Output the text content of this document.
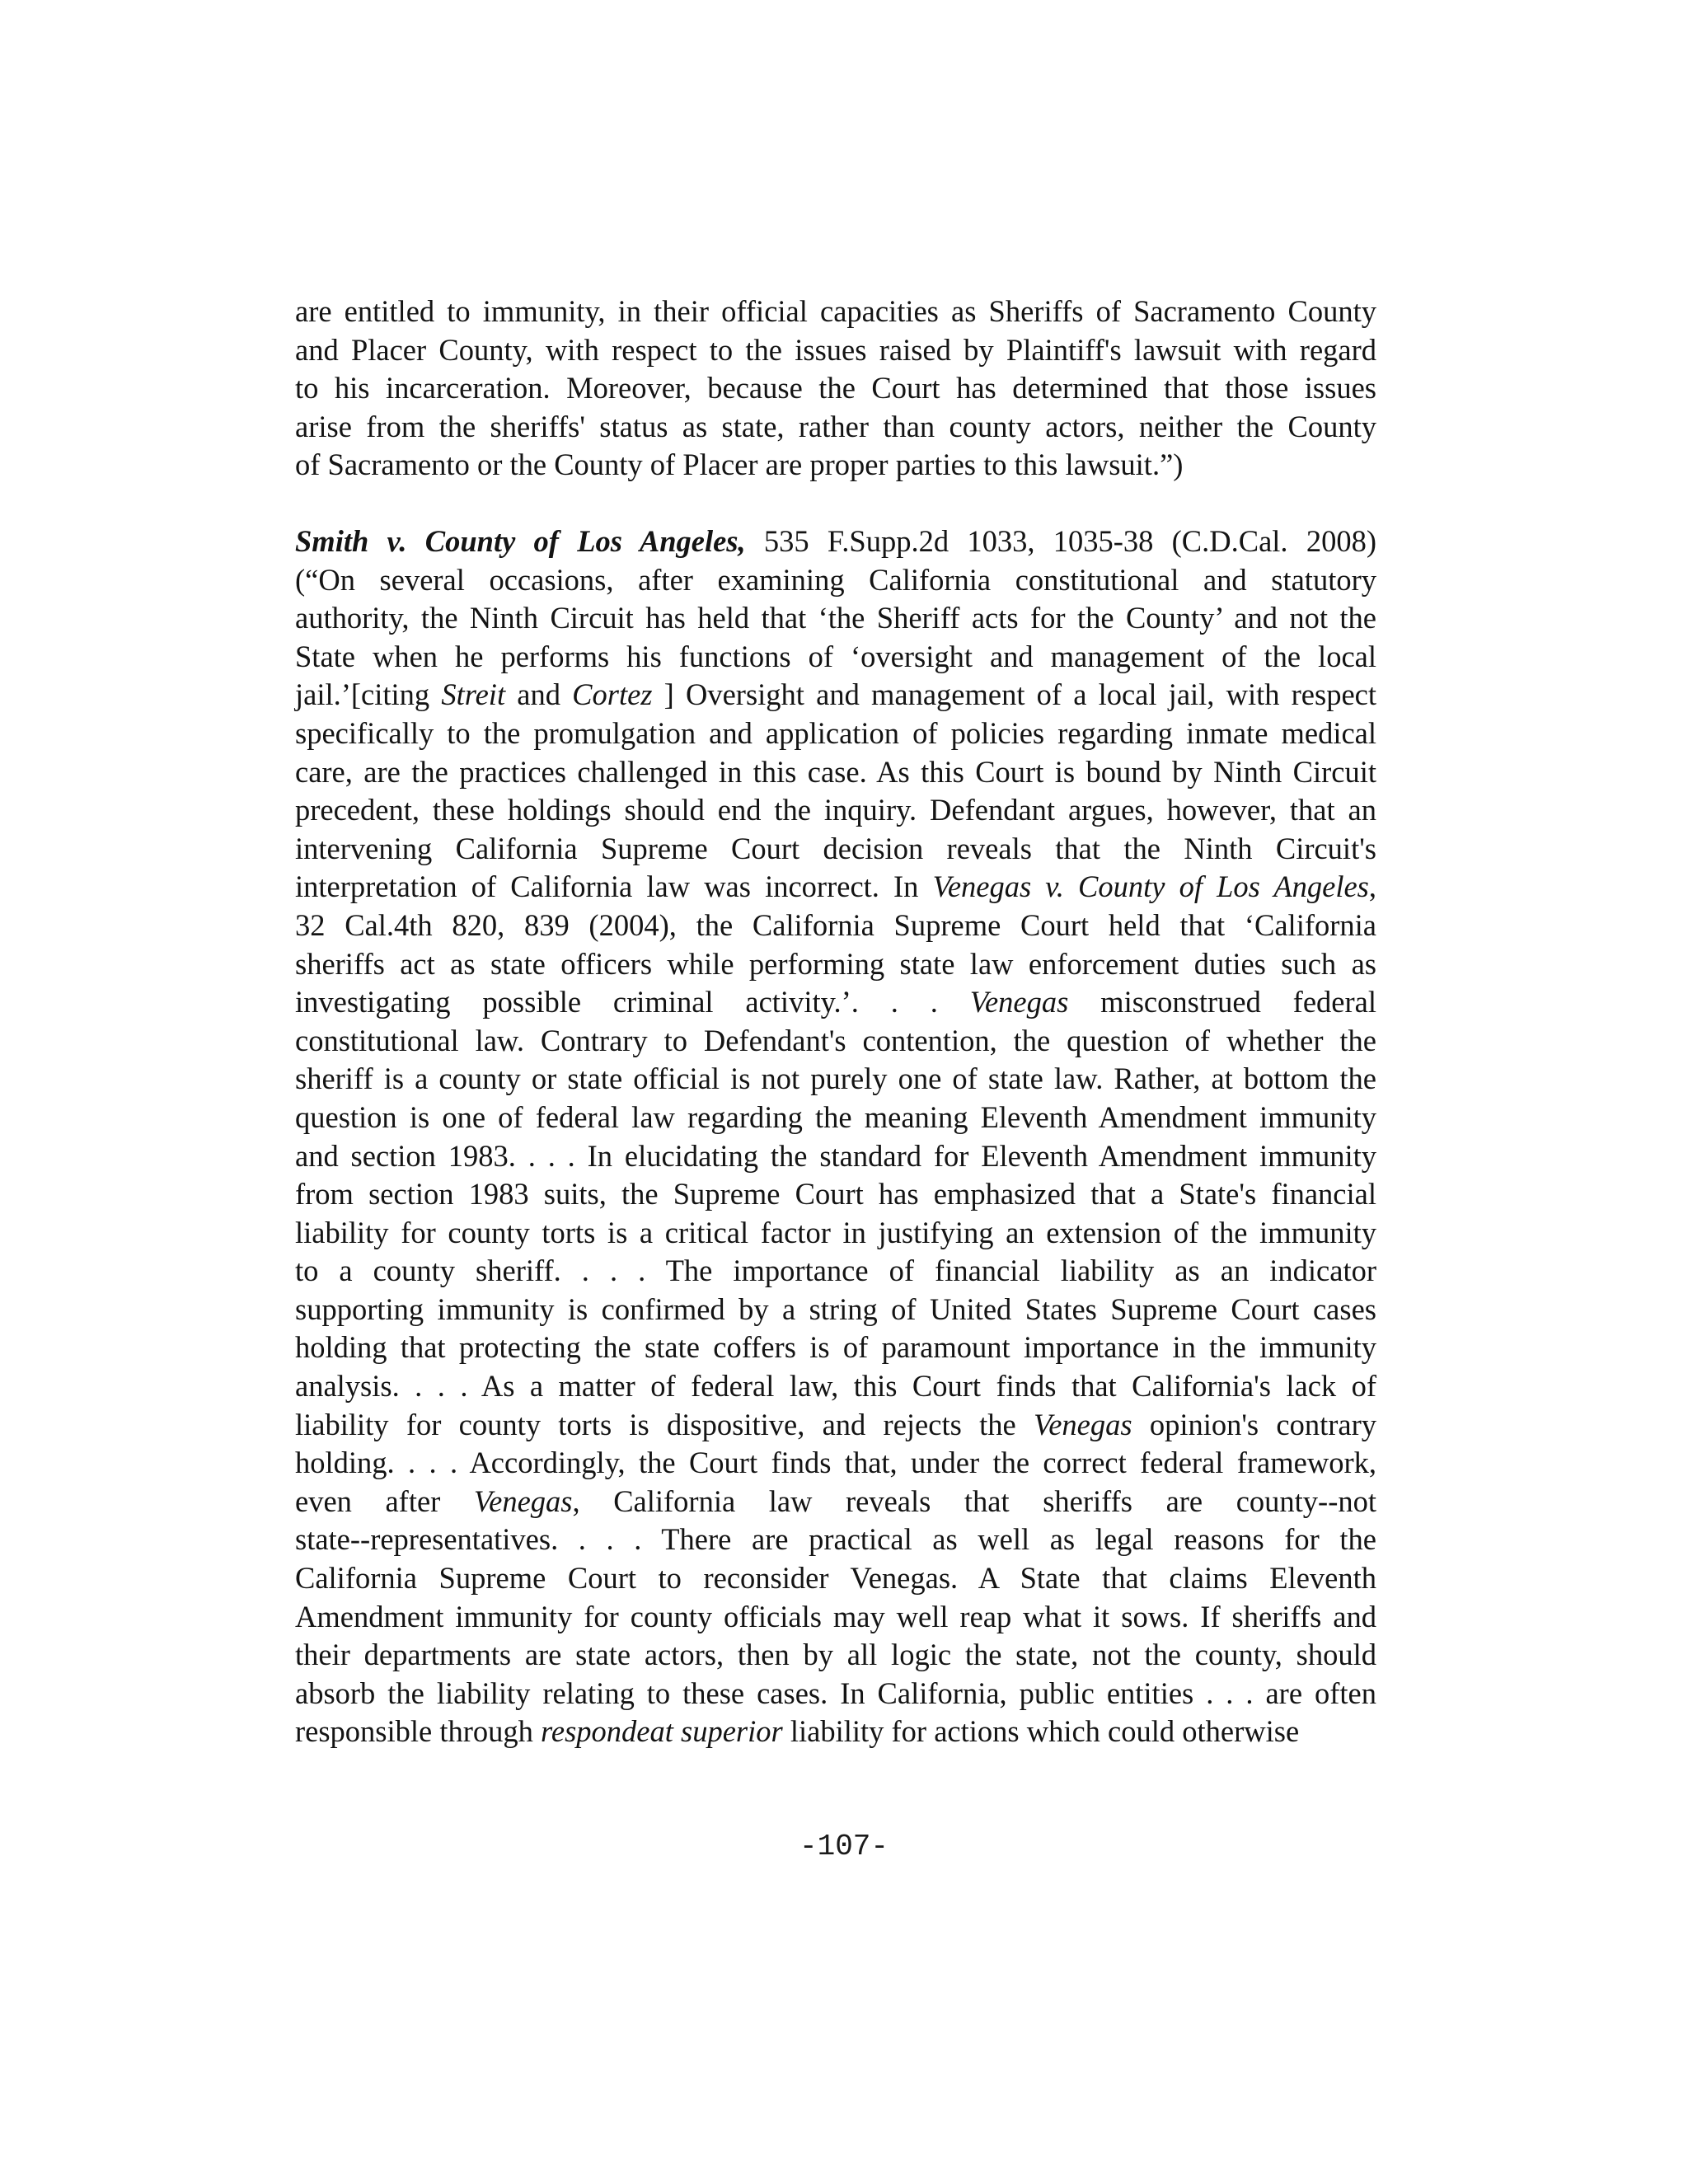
are entitled to immunity, in their official capacities as Sheriffs of Sacramento County
and Placer County, with respect to the issues raised by Plaintiff's lawsuit with regard
to his incarceration. Moreover, because the Court has determined that those issues
arise from the sheriffs' status as state, rather than county actors, neither the County
of Sacramento or the County of Placer are proper parties to this lawsuit.”)
Smith v. County of Los Angeles, 535 F.Supp.2d 1033, 1035-38 (C.D.Cal. 2008)
(“On several occasions, after examining California constitutional and statutory
authority, the Ninth Circuit has held that ‘the Sheriff acts for the County’ and not the
State when he performs his functions of ‘oversight and management of the local
jail.’[citing Streit and Cortez ] Oversight and management of a local jail, with respect
specifically to the promulgation and application of policies regarding inmate medical
care, are the practices challenged in this case. As this Court is bound by Ninth Circuit
precedent, these holdings should end the inquiry. Defendant argues, however, that an
intervening California Supreme Court decision reveals that the Ninth Circuit's
interpretation of California law was incorrect. In Venegas v. County of Los Angeles,
32 Cal.4th 820, 839 (2004), the California Supreme Court held that ‘California
sheriffs act as state officers while performing state law enforcement duties such as
investigating possible criminal activity.’. . . Venegas misconstrued federal
constitutional law. Contrary to Defendant's contention, the question of whether the
sheriff is a county or state official is not purely one of state law. Rather, at bottom the
question is one of federal law regarding the meaning Eleventh Amendment immunity
and section 1983. . . . In elucidating the standard for Eleventh Amendment immunity
from section 1983 suits, the Supreme Court has emphasized that a State's financial
liability for county torts is a critical factor in justifying an extension of the immunity
to a county sheriff. . . . The importance of financial liability as an indicator
supporting immunity is confirmed by a string of United States Supreme Court cases
holding that protecting the state coffers is of paramount importance in the immunity
analysis. . . . As a matter of federal law, this Court finds that California's lack of
liability for county torts is dispositive, and rejects the Venegas opinion's contrary
holding. . . . Accordingly, the Court finds that, under the correct federal framework,
even after Venegas, California law reveals that sheriffs are county--not
state--representatives. . . . There are practical as well as legal reasons for the
California Supreme Court to reconsider Venegas. A State that claims Eleventh
Amendment immunity for county officials may well reap what it sows. If sheriffs and
their departments are state actors, then by all logic the state, not the county, should
absorb the liability relating to these cases. In California, public entities . . . are often
responsible through respondeat superior liability for actions which could otherwise
-107-
